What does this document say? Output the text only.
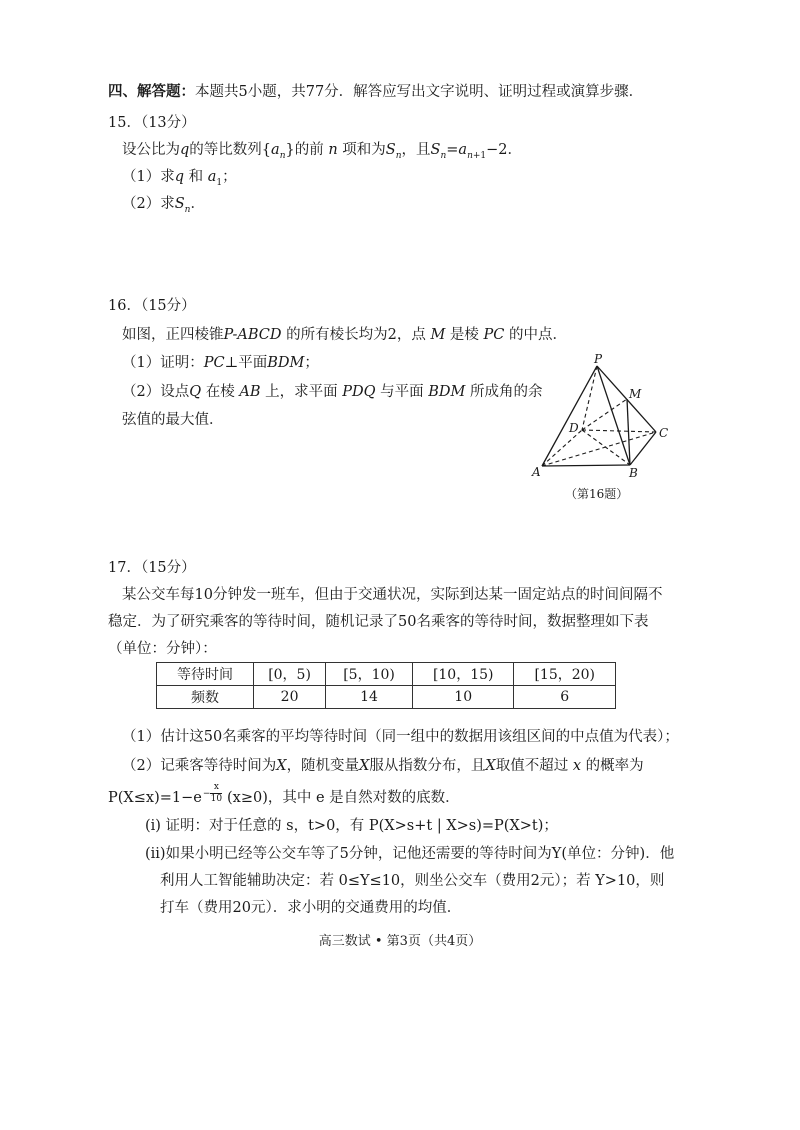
四、解答题：本题共5小题，共77分．解答应写出文字说明、证明过程或演算步骤．
15．（13分）
设公比为q的等比数列$\{a_n\}$的前 n 项和为$S_n$，且$S_n=a_{n+1}-2$．
（1）求q 和 $a_1$；
（2）求$S_n$．
16．（15分）
如图，正四棱锥P-ABCD 的所有棱长均为2，点 M 是棱 PC 的中点．
（1）证明：PC⊥平面BDM；
（2）设点Q 在棱 AB 上，求平面 PDQ 与平面 BDM 所成角的余
弦值的最大值．
P
M
D	C
A	B
（第16题）
17．（15分）
某公交车每10分钟发一班车，但由于交通状况，实际到达某一固定站点的时间间隔不
稳定．为了研究乘客的等待时间，随机记录了50名乘客的等待时间，数据整理如下表
（单位：分钟）：
等待时间	[0，5)	[5，10)	[10，15)	[15，20)
频数	20	14	10	6
（1）估计这50名乘客的平均等待时间（同一组中的数据用该组区间的中点值为代表）；
（2）记乘客等待时间为X，随机变量X服从指数分布，且X取值不超过 x 的概率为
$P(X\le x)=1-e- \frac{x}{10} (x\ge 0)$，其中 e 是自然对数的底数．
(i) 证明：对于任意的 s，t>0，有 P(X>s+t | X>s)=P(X>t)；
(ii)如果小明已经等公交车等了5分钟，记他还需要的等待时间为Y(单位：分钟)．他
利用人工智能辅助决定：若 0≤Y≤10，则坐公交车（费用2元）；若 Y>10，则
打车（费用20元）．求小明的交通费用的均值．
高三数试 • 第3页（共4页）
